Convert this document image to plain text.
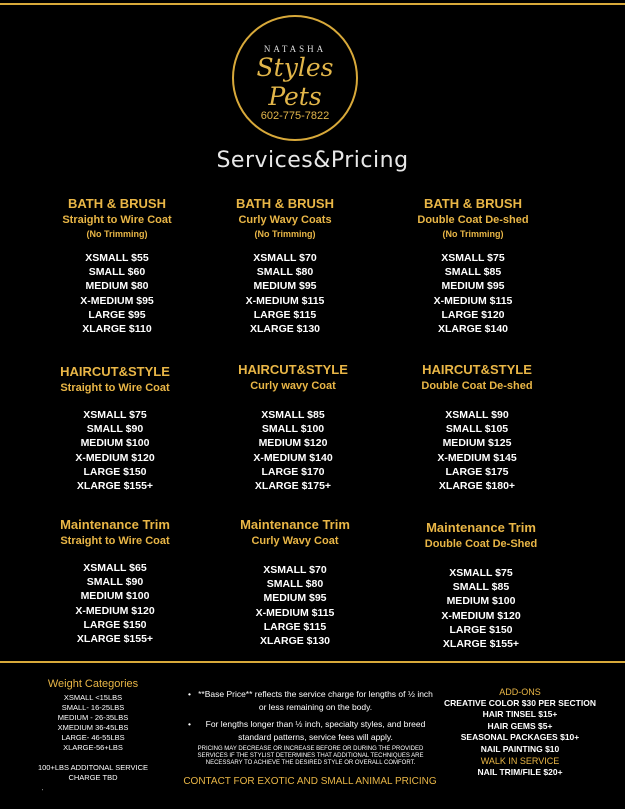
NATASHA
Styles Pets
602-775-7822
Services&Pricing
BATH & BRUSH
Straight to Wire Coat
(No Trimming)
XSMALL $55
SMALL $60
MEDIUM $80
X-MEDIUM $95
LARGE $95
XLARGE $110
BATH & BRUSH
Curly Wavy Coats
(No Trimming)
XSMALL $70
SMALL $80
MEDIUM $95
X-MEDIUM $115
LARGE $115
XLARGE $130
BATH & BRUSH
Double Coat De-shed
(No Trimming)
XSMALL $75
SMALL $85
MEDIUM $95
X-MEDIUM $115
LARGE $120
XLARGE $140
HAIRCUT&STYLE
Straight to Wire Coat
XSMALL $75
SMALL $90
MEDIUM $100
X-MEDIUM $120
LARGE $150
XLARGE $155+
HAIRCUT&STYLE
Curly wavy Coat
XSMALL $85
SMALL $100
MEDIUM $120
X-MEDIUM $140
LARGE $170
XLARGE $175+
HAIRCUT&STYLE
Double Coat De-shed
XSMALL $90
SMALL $105
MEDIUM $125
X-MEDIUM $145
LARGE $175
XLARGE $180+
Maintenance Trim
Straight to Wire Coat
XSMALL $65
SMALL $90
MEDIUM $100
X-MEDIUM $120
LARGE $150
XLARGE $155+
Maintenance Trim
Curly Wavy Coat
XSMALL $70
SMALL $80
MEDIUM $95
X-MEDIUM $115
LARGE $115
XLARGE $130
Maintenance Trim
Double Coat De-Shed
XSMALL $75
SMALL $85
MEDIUM $100
X-MEDIUM $120
LARGE $150
XLARGE $155+
Weight Categories
XSMALL <15LBS
SMALL- 16-25LBS
MEDIUM - 26-35LBS
XMEDIUM 36-45LBS
LARGE- 46-55LBS
XLARGE-56+LBS
100+LBS ADDITONAL SERVICE
CHARGE TBD
• **Base Price** reflects the service charge for lengths of ½ inch or less remaining on the body.
• For lengths longer than ½ inch, specialty styles, and breed standard patterns, service fees will apply.
PRICING MAY DECREASE OR INCREASE BEFORE OR DURING THE PROVIDED SERVICES IF THE STYLIST DETERMINES THAT ADDITIONAL TECHNIQUES ARE NECESSARY TO ACHIEVE THE DESIRED STYLE OR OVERALL COMFORT.
ADD-ONS
CREATIVE COLOR $30 PER SECTION
HAIR TINSEL $15+
HAIR GEMS $5+
SEASONAL PACKAGES $10+
NAIL PAINTING $10
WALK IN SERVICE
NAIL TRIM/FILE $20+
CONTACT FOR EXOTIC AND SMALL ANIMAL PRICING
'
